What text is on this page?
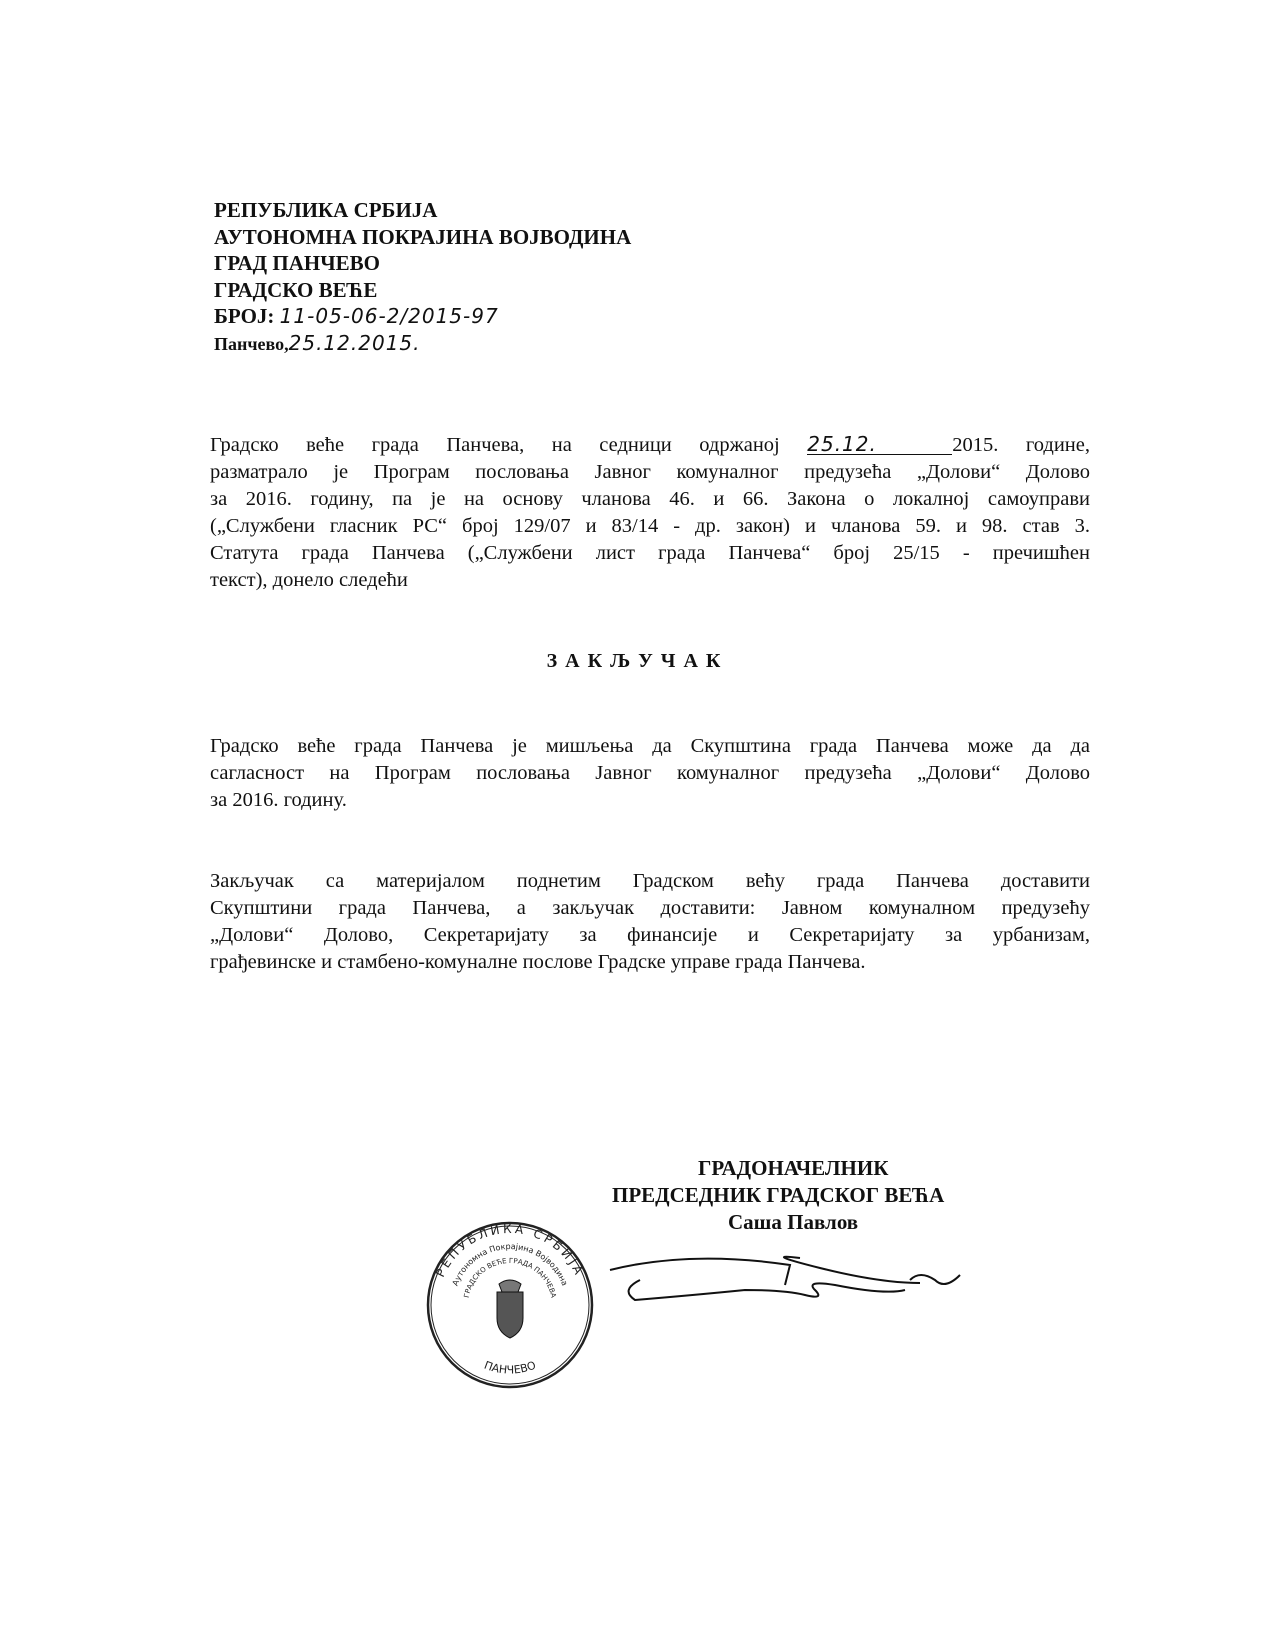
РЕПУБЛИКА СРБИЈА
АУТОНОМНА ПОКРАЈИНА ВОЈВОДИНА
ГРАД ПАНЧЕВО
ГРАДСКО ВЕЋЕ
БРОЈ: 11-05-06-2/2015-97
Панчево,25.12.2015.
Градско веће града Панчева, на седници одржаној 25.12.	2015. године,
разматрало је Програм пословања Јавног комуналног предузећа „Долови“ Долово
за 2016. годину, па је на основу чланова 46. и 66. Закона о локалној самоуправи
(„Службени гласник РС“ број 129/07 и 83/14 - др. закон) и чланова 59. и 98. став 3.
Статута града Панчева („Службени лист града Панчева“ број 25/15 - пречишћен
текст), донело следећи
ЗАКЉУЧАК
Градско веће града Панчева је мишљења да Скупштина града Панчева може да да
сагласност на Програм пословања Јавног комуналног предузећа „Долови“ Долово
за 2016. годину.
Закључак са материјалом поднетим Градском већу града Панчева доставити
Скупштини града Панчева, а закључак доставити: Јавном комуналном предузећу
„Долови“ Долово, Секретаријату за финансије и Секретаријату за урбанизам,
грађевинске и стамбено-комуналне послове Градске управе града Панчева.
ГРАДОНАЧЕЛНИК
ПРЕДСЕДНИК ГРАДСКОГ ВЕЋА
Саша Павлов
РЕПУБЛИКА СРБИЈА
Аутономна Покрајина Војводина
ГРАДСКО ВЕЋЕ ГРАДА ПАНЧЕВА
ПАНЧЕВО
